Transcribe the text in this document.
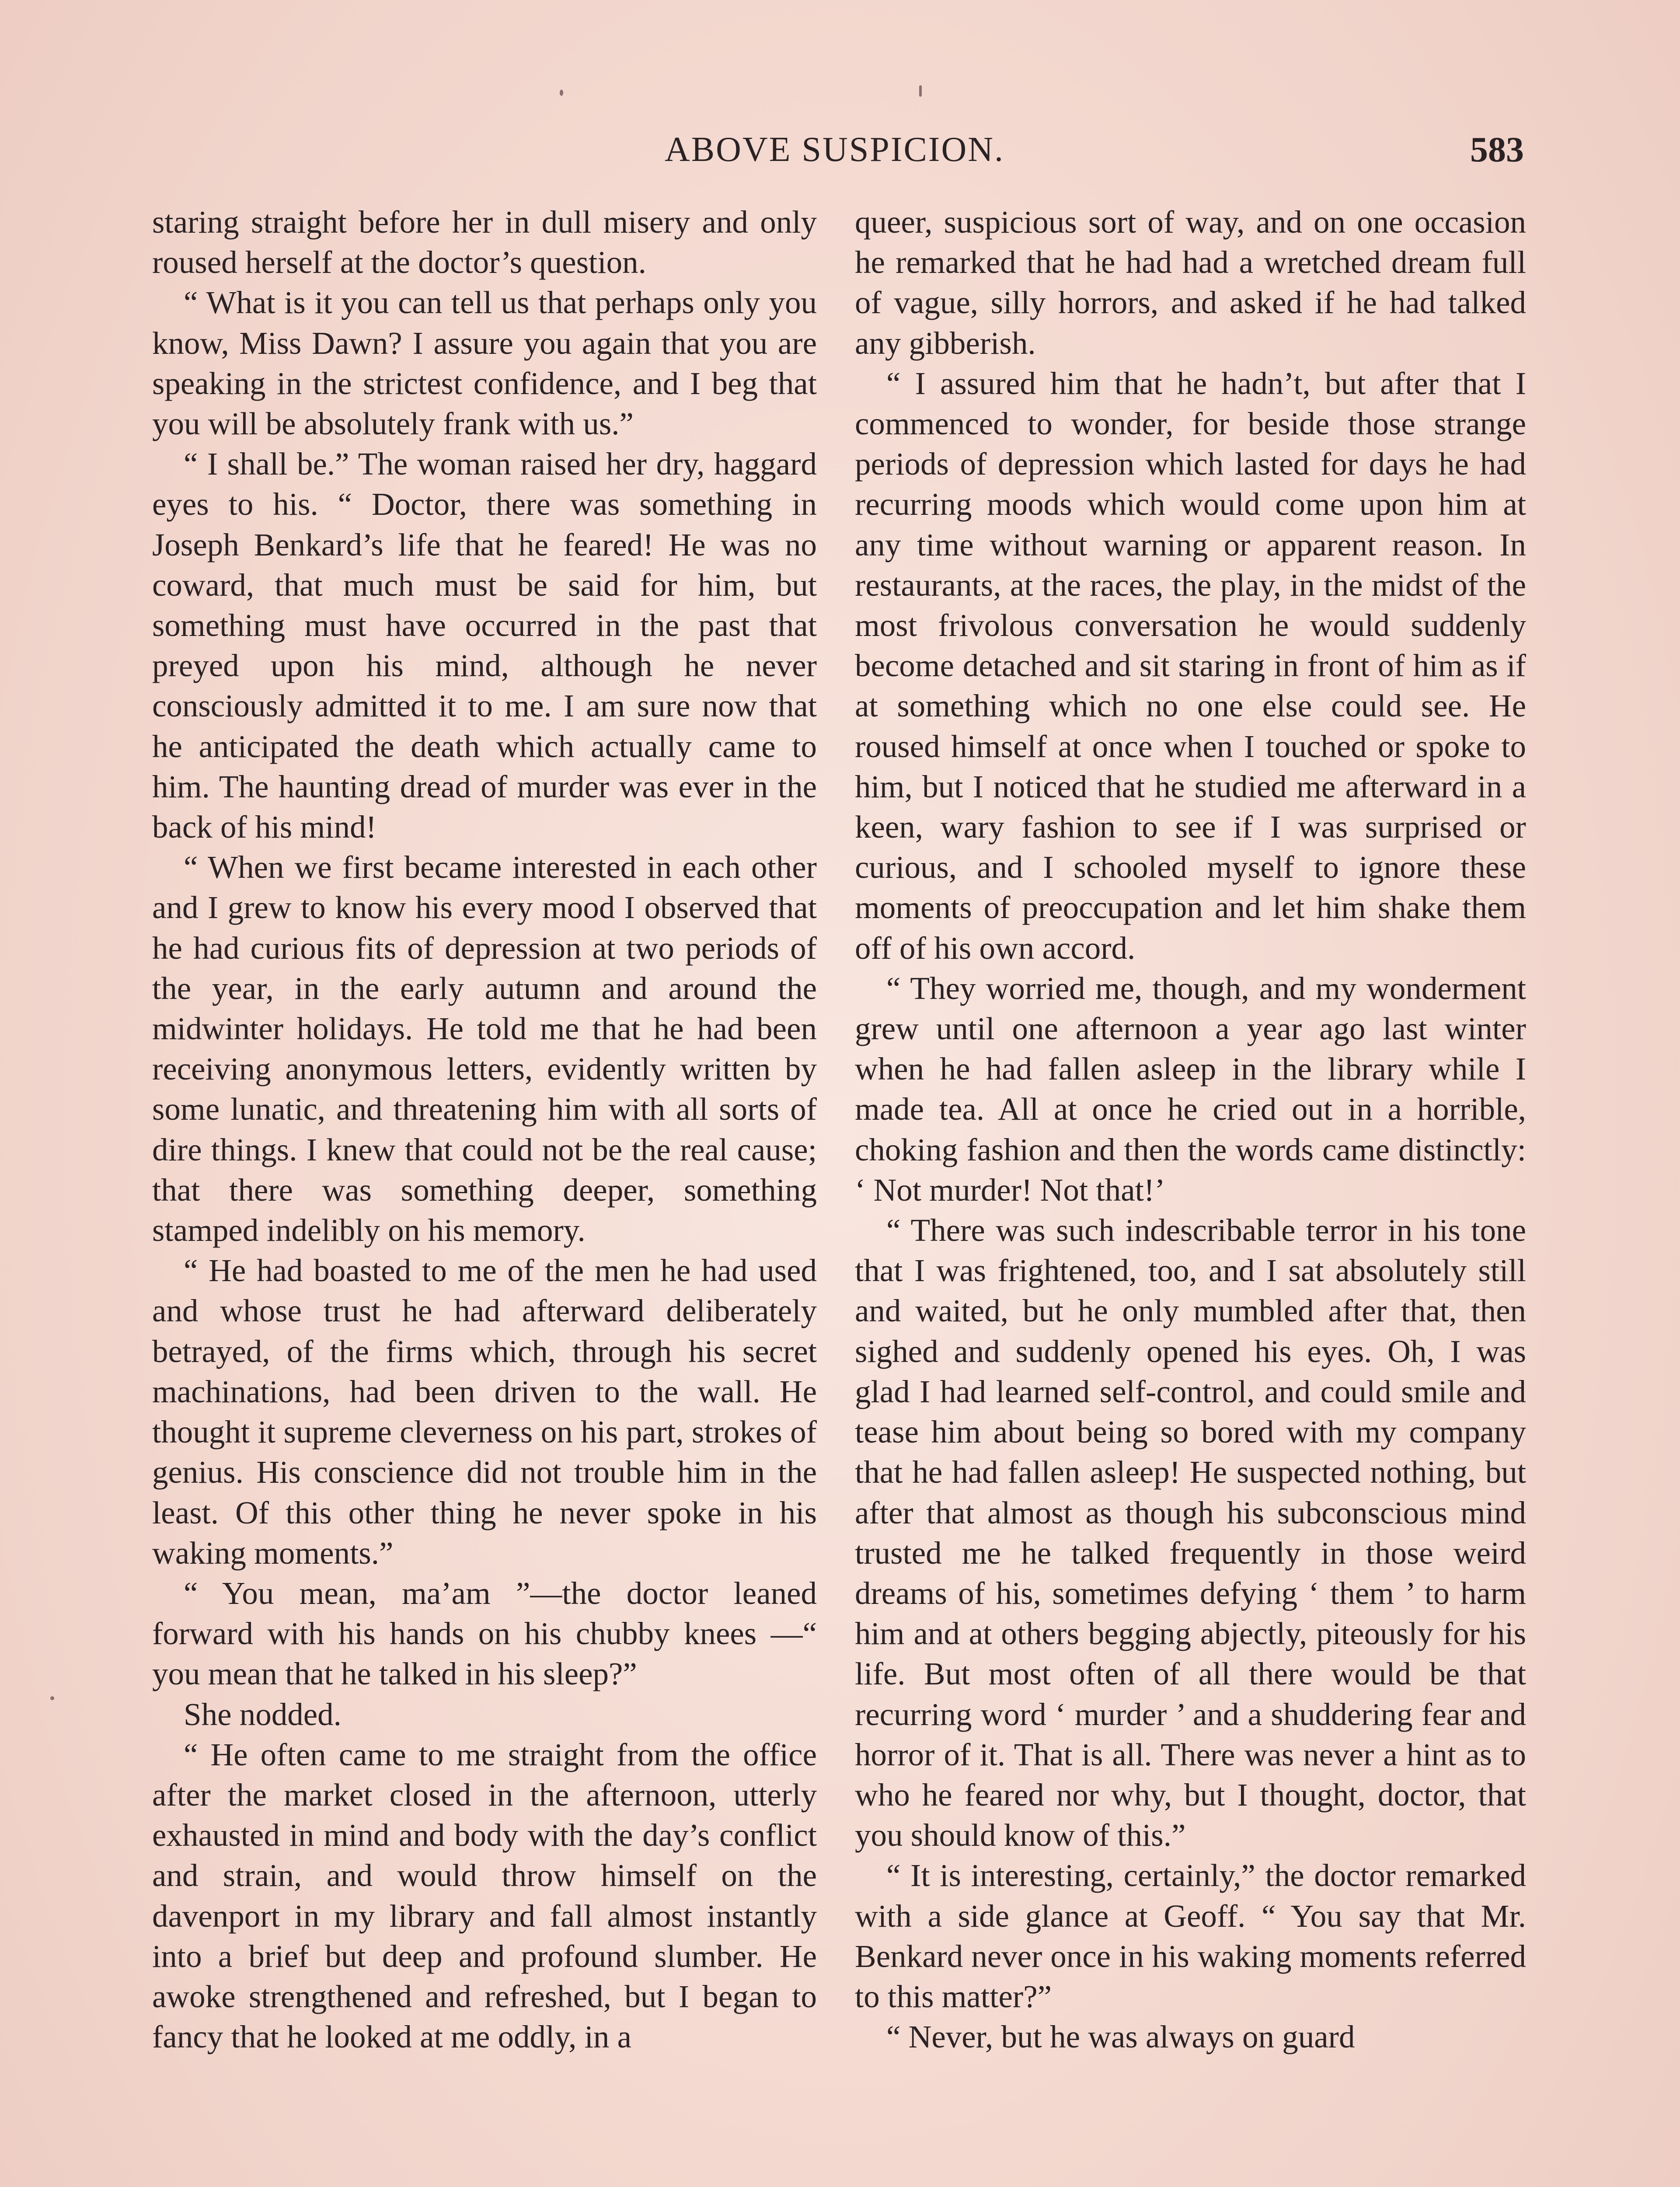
ABOVE SUSPICION.	583

staring straight before her in dull misery and only roused herself at the doctor’s question.

“ What is it you can tell us that perhaps only you know, Miss Dawn? I assure you again that you are speaking in the strictest confidence, and I beg that you will be absolutely frank with us.”

“ I shall be.” The woman raised her dry, haggard eyes to his. “ Doctor, there was something in Joseph Benkard’s life that he feared! He was no coward, that much must be said for him, but something must have occurred in the past that preyed upon his mind, although he never consciously admitted it to me. I am sure now that he anticipated the death which actually came to him. The haunting dread of murder was ever in the back of his mind!

“ When we first became interested in each other and I grew to know his every mood I observed that he had curious fits of depression at two periods of the year, in the early autumn and around the midwinter holidays. He told me that he had been receiving anonymous letters, evidently written by some lunatic, and threatening him with all sorts of dire things. I knew that could not be the real cause; that there was something deeper, something stamped indelibly on his memory.

“ He had boasted to me of the men he had used and whose trust he had afterward deliberately betrayed, of the firms which, through his secret machinations, had been driven to the wall. He thought it supreme cleverness on his part, strokes of genius. His conscience did not trouble him in the least. Of this other thing he never spoke in his waking moments.”

“ You mean, ma’am ”—the doctor leaned forward with his hands on his chubby knees —“ you mean that he talked in his sleep?”

She nodded.

“ He often came to me straight from the office after the market closed in the afternoon, utterly exhausted in mind and body with the day’s conflict and strain, and would throw himself on the davenport in my library and fall almost instantly into a brief but deep and profound slumber. He awoke strengthened and refreshed, but I began to fancy that he looked at me oddly, in a

queer, suspicious sort of way, and on one occasion he remarked that he had had a wretched dream full of vague, silly horrors, and asked if he had talked any gibberish.

“ I assured him that he hadn’t, but after that I commenced to wonder, for beside those strange periods of depression which lasted for days he had recurring moods which would come upon him at any time without warning or apparent reason. In restaurants, at the races, the play, in the midst of the most frivolous conversation he would suddenly become detached and sit staring in front of him as if at something which no one else could see. He roused himself at once when I touched or spoke to him, but I noticed that he studied me afterward in a keen, wary fashion to see if I was surprised or curious, and I schooled myself to ignore these moments of preoccupation and let him shake them off of his own accord.

“ They worried me, though, and my wonderment grew until one afternoon a year ago last winter when he had fallen asleep in the library while I made tea. All at once he cried out in a horrible, choking fashion and then the words came distinctly: ‘ Not murder! Not that!’

“ There was such indescribable terror in his tone that I was frightened, too, and I sat absolutely still and waited, but he only mumbled after that, then sighed and suddenly opened his eyes. Oh, I was glad I had learned self-control, and could smile and tease him about being so bored with my company that he had fallen asleep! He suspected nothing, but after that almost as though his subconscious mind trusted me he talked frequently in those weird dreams of his, sometimes defying ‘ them ’ to harm him and at others begging abjectly, piteously for his life. But most often of all there would be that recurring word ‘ murder ’ and a shuddering fear and horror of it. That is all. There was never a hint as to who he feared nor why, but I thought, doctor, that you should know of this.”

“ It is interesting, certainly,” the doctor remarked with a side glance at Geoff. “ You say that Mr. Benkard never once in his waking moments referred to this matter?”

“ Never, but he was always on guard
